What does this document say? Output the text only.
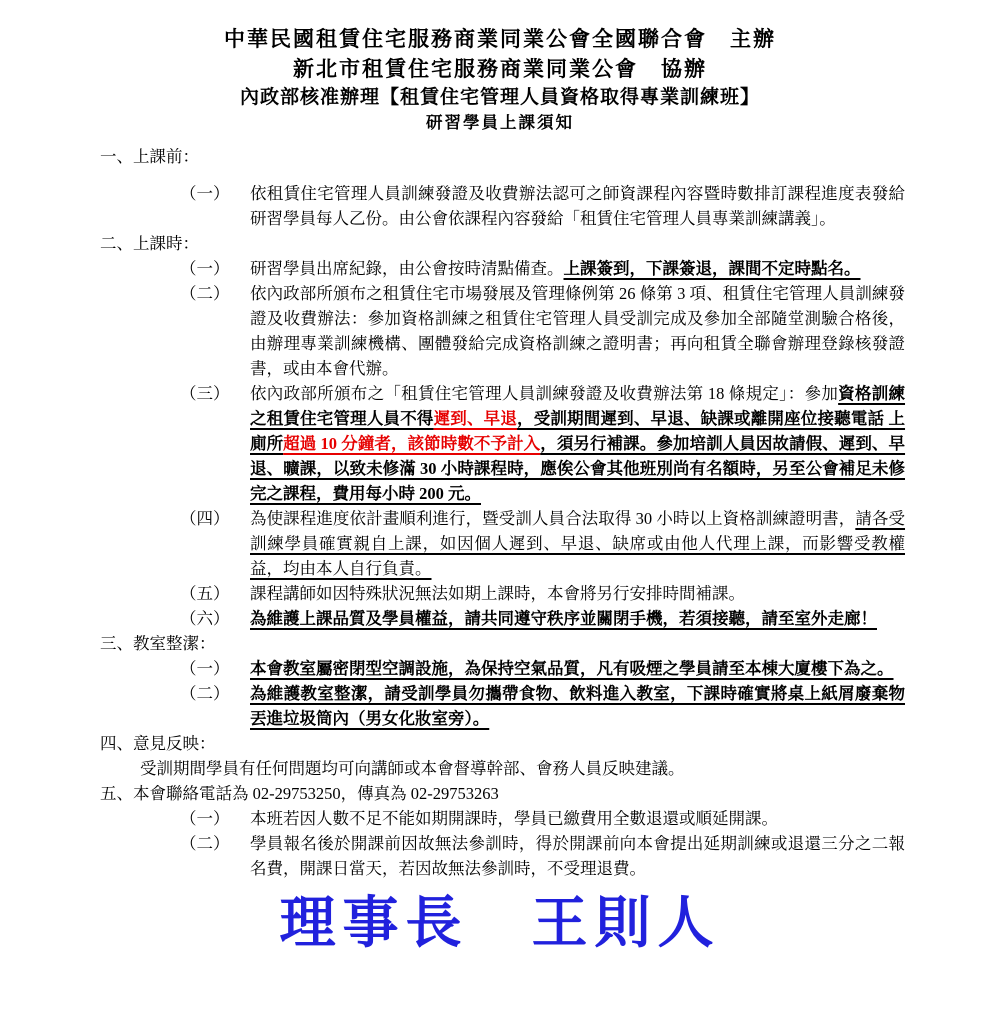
中華民國租賃住宅服務商業同業公會全國聯合會　主辦
新北市租賃住宅服務商業同業公會　協辦
內政部核准辦理【租賃住宅管理人員資格取得專業訓練班】
研習學員上課須知
一、上課前：
（一）	依租賃住宅管理人員訓練發證及收費辦法認可之師資課程內容暨時數排訂課程進度表發給研習學員每人乙份。由公會依課程內容發給「租賃住宅管理人員專業訓練講義」。
二、上課時：
（一）	研習學員出席紀錄，由公會按時清點備查。上課簽到，下課簽退，課間不定時點名。
（二）	依內政部所頒布之租賃住宅市場發展及管理條例第 26 條第 3 項、租賃住宅管理人員訓練發證及收費辦法：參加資格訓練之租賃住宅管理人員受訓完成及參加全部隨堂測驗合格後，由辦理專業訓練機構、團體發給完成資格訓練之證明書；再向租賃全聯會辦理登錄核發證書，或由本會代辦。
（三）	依內政部所頒布之「租賃住宅管理人員訓練發證及收費辦法第 18 條規定」：參加資格訓練之租賃住宅管理人員不得遲到、早退，受訓期間遲到、早退、缺課或離開座位接聽電話 上廁所超過 10 分鐘者，該節時數不予計入，須另行補課。參加培訓人員因故請假、遲到、早退、曠課，以致未修滿 30 小時課程時，應俟公會其他班別尚有名額時，另至公會補足未修完之課程，費用每小時 200 元。
（四）	為使課程進度依計畫順利進行，暨受訓人員合法取得 30 小時以上資格訓練證明書，請各受訓練學員確實親自上課，如因個人遲到、早退、缺席或由他人代理上課，而影響受教權益，均由本人自行負責。
（五）	課程講師如因特殊狀況無法如期上課時，本會將另行安排時間補課。
（六）	為維護上課品質及學員權益，請共同遵守秩序並關閉手機，若須接聽，請至室外走廊！
三、教室整潔：
（一）	本會教室屬密閉型空調設施，為保持空氣品質，凡有吸煙之學員請至本棟大廈樓下為之。
（二）	為維護教室整潔，請受訓學員勿攜帶食物、飲料進入教室，下課時確實將桌上紙屑廢棄物丟進垃圾筒內（男女化妝室旁）。
四、意見反映：
受訓期間學員有任何問題均可向講師或本會督導幹部、會務人員反映建議。
五、本會聯絡電話為 02-29753250，傳真為 02-29753263
（一）	本班若因人數不足不能如期開課時，學員已繳費用全數退還或順延開課。
（二）	學員報名後於開課前因故無法參訓時，得於開課前向本會提出延期訓練或退還三分之二報名費，開課日當天，若因故無法參訓時，不受理退費。
理事長　王則人
